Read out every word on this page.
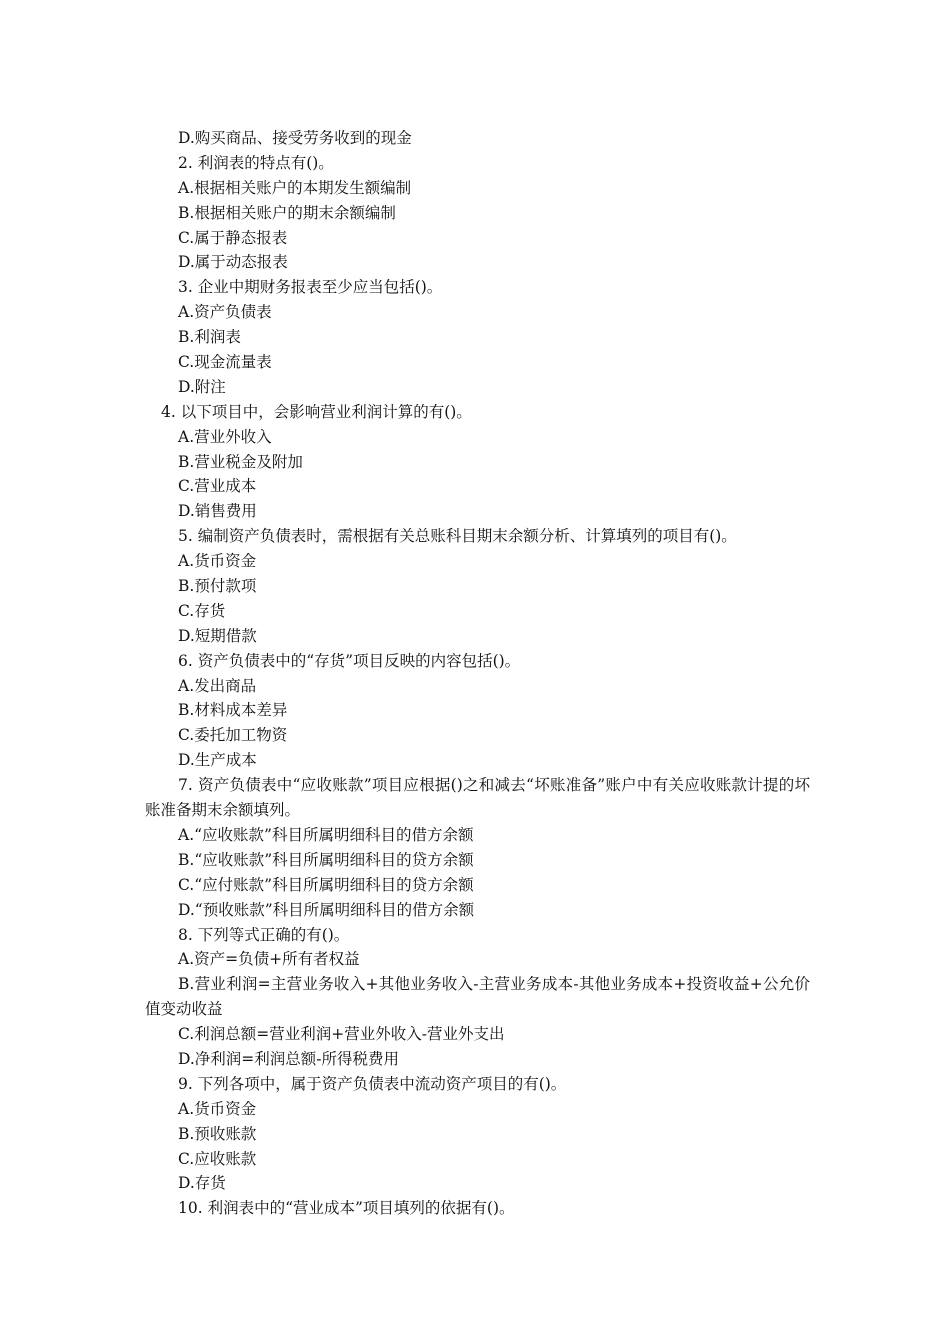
D.购买商品、接受劳务收到的现金
2. 利润表的特点有()。
A.根据相关账户的本期发生额编制
B.根据相关账户的期末余额编制
C.属于静态报表
D.属于动态报表
3. 企业中期财务报表至少应当包括()。
A.资产负债表
B.利润表
C.现金流量表
D.附注
4. 以下项目中，会影响营业利润计算的有()。
A.营业外收入
B.营业税金及附加
C.营业成本
D.销售费用
5. 编制资产负债表时，需根据有关总账科目期末余额分析、计算填列的项目有()。
A.货币资金
B.预付款项
C.存货
D.短期借款
6. 资产负债表中的“存货”项目反映的内容包括()。
A.发出商品
B.材料成本差异
C.委托加工物资
D.生产成本
7. 资产负债表中“应收账款”项目应根据()之和减去“坏账准备”账户中有关应收账款计提的坏账准备期末余额填列。
A.“应收账款”科目所属明细科目的借方余额
B.“应收账款”科目所属明细科目的贷方余额
C.“应付账款”科目所属明细科目的贷方余额
D.“预收账款”科目所属明细科目的借方余额
8. 下列等式正确的有()。
A.资产=负债+所有者权益
B.营业利润=主营业务收入+其他业务收入-主营业务成本-其他业务成本+投资收益+公允价值变动收益
C.利润总额=营业利润+营业外收入-营业外支出
D.净利润=利润总额-所得税费用
9. 下列各项中，属于资产负债表中流动资产项目的有()。
A.货币资金
B.预收账款
C.应收账款
D.存货
10. 利润表中的“营业成本”项目填列的依据有()。
